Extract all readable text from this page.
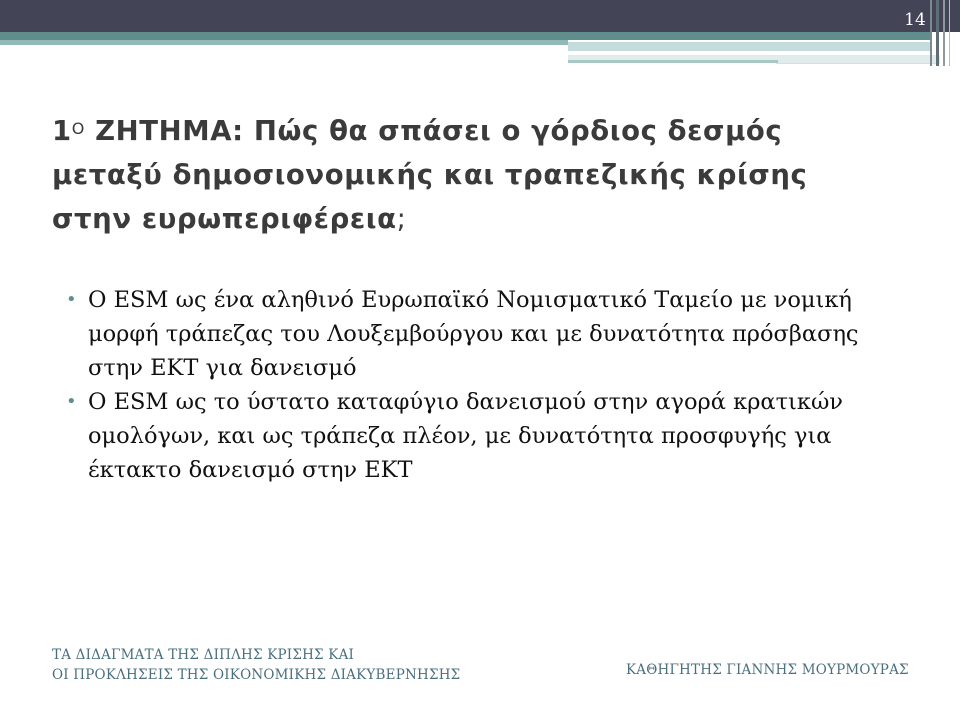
14
$1^O$ ΖΗΤΗΜΑ: Πώς θα σπάσει ο γόρδιος δεσμός
μεταξύ δημοσιονομικής και τραπεζικής κρίσης
στην ευρωπεριφέρεια;
• Ο ESM ως ένα αληθινό Ευρωπαϊκό Νομισματικό Ταμείο με νομική μορφή τράπεζας του Λουξεμβούργου και με δυνατότητα πρόσβασης στην ΕΚΤ για δανεισμό
• Ο ESM ως το ύστατο καταφύγιο δανεισμού στην αγορά κρατικών ομολόγων, και ως τράπεζα πλέον, με δυνατότητα προσφυγής για έκτακτο δανεισμό στην ΕΚΤ
ΤΑ ΔΙΔΑΓΜΑΤΑ ΤΗΣ ΔΙΠΛΗΣ ΚΡΙΣΗΣ ΚΑΙ
ΟΙ ΠΡΟΚΛΗΣΕΙΣ ΤΗΣ ΟΙΚΟΝΟΜΙΚΗΣ ΔΙΑΚΥΒΕΡΝΗΣΗΣ	ΚΑΘΗΓΗΤΗΣ ΓΙΑΝΝΗΣ ΜΟΥΡΜΟΥΡΑΣ
